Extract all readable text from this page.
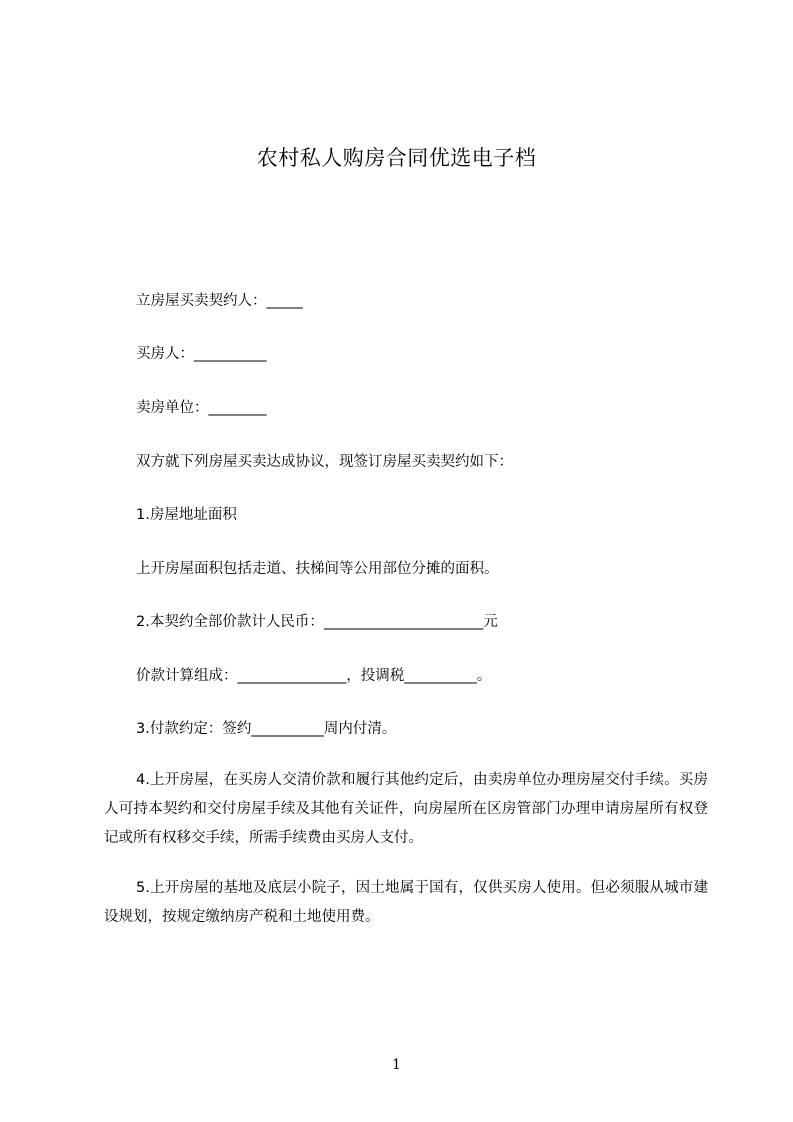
农村私人购房合同优选电子档
立房屋买卖契约人：_____
买房人：__________
卖房单位：________
双方就下列房屋买卖达成协议，现签订房屋买卖契约如下：
1.房屋地址面积
上开房屋面积包括走道、扶梯间等公用部位分摊的面积。
2.本契约全部价款计人民币：______________________元
价款计算组成：_______________，投调税__________。
3.付款约定：签约__________周内付清。
4.上开房屋，在买房人交清价款和履行其他约定后，由卖房单位办理房屋交付手续。买房人可持本契约和交付房屋手续及其他有关证件，向房屋所在区房管部门办理申请房屋所有权登记或所有权移交手续，所需手续费由买房人支付。
5.上开房屋的基地及底层小院子，因土地属于国有，仅供买房人使用。但必须服从城市建设规划，按规定缴纳房产税和土地使用费。
1
